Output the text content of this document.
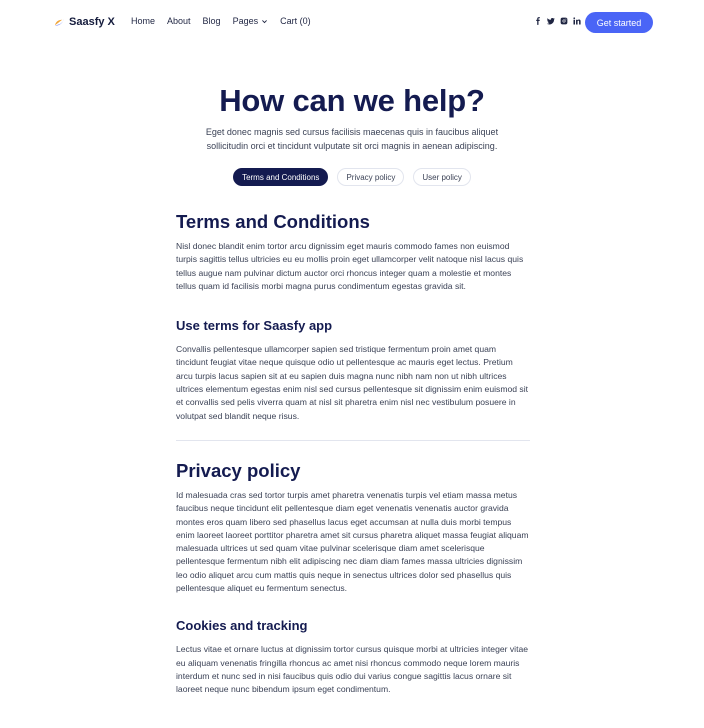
Saasfy X Home About Blog Pages Cart (0)	Get started
How can we help?

Eget donec magnis sed cursus facilisis maecenas quis in faucibus aliquet sollicitudin orci et tincidunt vulputate sit orci magnis in aenean adipiscing.

Terms and Conditions	Privacy policy	User policy
Terms and Conditions

Nisl donec blandit enim tortor arcu dignissim eget mauris commodo fames non euismod turpis sagittis tellus ultricies eu eu mollis proin eget ullamcorper velit natoque nisl lacus quis tellus augue nam pulvinar dictum auctor orci rhoncus integer quam a molestie et montes tellus quam id facilisis morbi magna purus condimentum egestas gravida sit.

Use terms for Saasfy app

Convallis pellentesque ullamcorper sapien sed tristique fermentum proin amet quam tincidunt feugiat vitae neque quisque odio ut pellentesque ac mauris eget lectus. Pretium arcu turpis lacus sapien sit at eu sapien duis magna nunc nibh nam non ut nibh ultrices ultrices elementum egestas enim nisl sed cursus pellentesque sit dignissim enim euismod sit et convallis sed pelis viverra quam at nisl sit pharetra enim nisl nec vestibulum posuere in volutpat sed blandit neque risus.

Privacy policy

Id malesuada cras sed tortor turpis amet pharetra venenatis turpis vel etiam massa metus faucibus neque tincidunt elit pellentesque diam eget venenatis venenatis auctor gravida montes eros quam libero sed phasellus lacus eget accumsan at nulla duis morbi tempus enim laoreet laoreet porttitor pharetra amet sit cursus pharetra aliquet massa feugiat aliquam malesuada ultrices ut sed quam vitae pulvinar scelerisque diam amet scelerisque pellentesque fermentum nibh elit adipiscing nec diam diam fames massa ultricies dignissim leo odio aliquet arcu cum mattis quis neque in senectus ultrices dolor sed phasellus quis pellentesque aliquet eu fermentum senectus.

Cookies and tracking

Lectus vitae et ornare luctus at dignissim tortor cursus quisque morbi at ultricies integer vitae eu aliquam venenatis fringilla rhoncus ac amet nisi rhoncus commodo neque lorem mauris interdum et nunc sed in nisi faucibus quis odio dui varius congue sagittis lacus ornare sit laoreet neque nunc bibendum ipsum eget condimentum.
